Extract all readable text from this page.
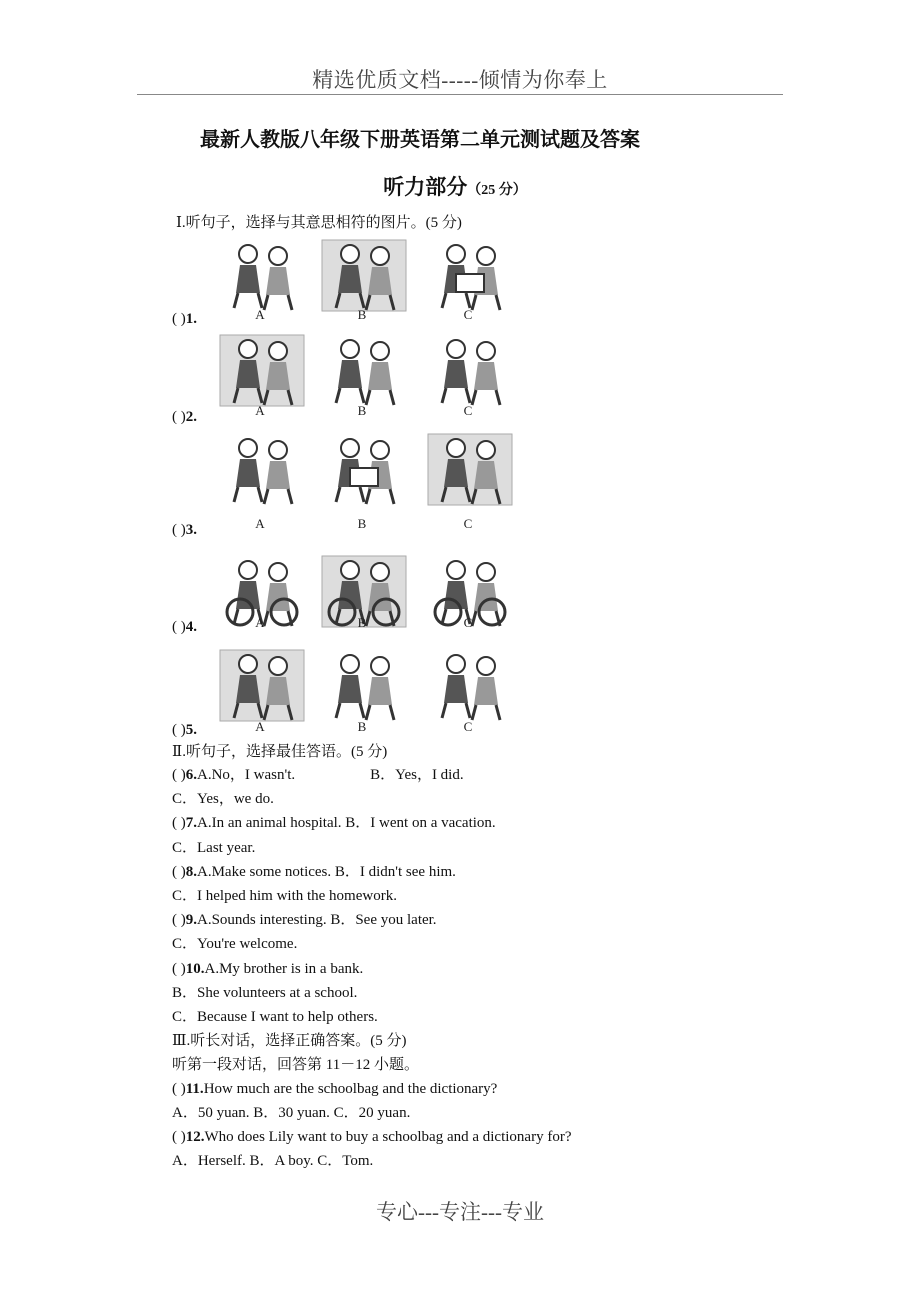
精选优质文档-----倾情为你奉上
最新人教版八年级下册英语第二单元测试题及答案
听力部分（25 分）
Ⅰ.听句子，选择与其意思相符的图片。(5 分)
( )1.	A	B	C
( )2.	A	B	C
( )3.	A	B	C
( )4.	A	B	C
( )5.	A	B	C
Ⅱ.听句子，选择最佳答语。(5 分)
( )6.A.No，I wasn't.	B．Yes，I did.
C．Yes，we do.
( )7.A.In an animal hospital. B．I went on a vacation.
C．Last year.
( )8.A.Make some notices. B．I didn't see him.
C．I helped him with the homework.
( )9.A.Sounds interesting. B．See you later.
C．You're welcome.
( )10.A.My brother is in a bank.
B．She volunteers at a school.
C．Because I want to help others.
Ⅲ.听长对话，选择正确答案。(5 分)
听第一段对话，回答第 11－12 小题。
( )11.How much are the schoolbag and the dictionary?
A．50 yuan. B．30 yuan. C．20 yuan.
( )12.Who does Lily want to buy a schoolbag and a dictionary for?
A．Herself. B．A boy. C．Tom.
专心---专注---专业
